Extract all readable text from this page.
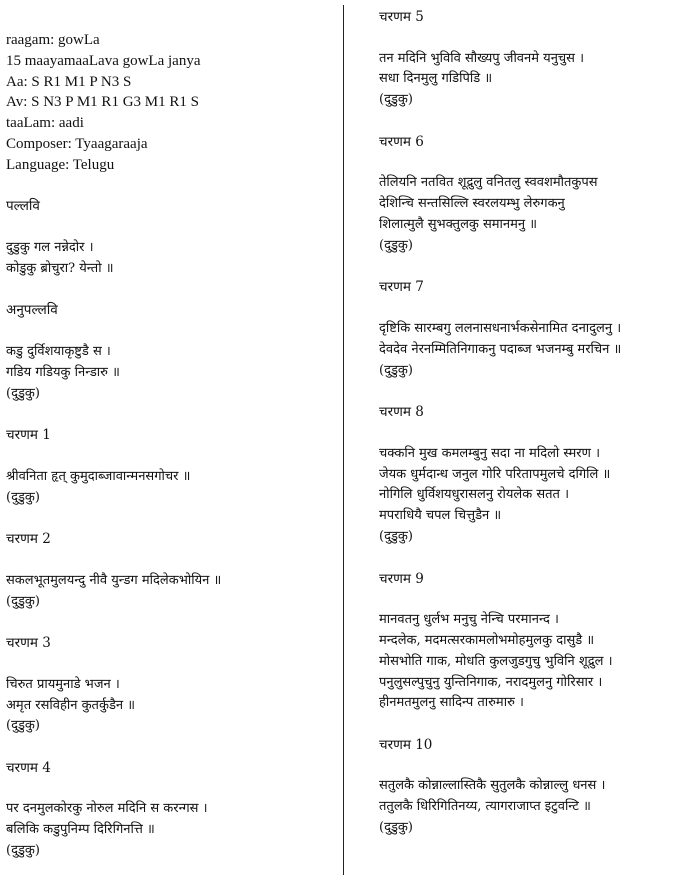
raagam: gowLa
15 maayamaaLava gowLa janya
Aa: S R1 M1 P N3 S
Av: S N3 P M1 R1 G3 M1 R1 S
taaLam: aadi
Composer: Tyaagaraaja
Language: Telugu
पल्लवि
दुडुकु गल नन्नेदोर ।
कोडुकु ब्रोचुरा? येन्तो ॥
अनुपल्लवि
कडु दुर्विशयाकृष्टुडै स ।
गडिय गडियकु निन्डारु ॥
(दुडुकु)
चरणम 1
श्रीवनिता हृत् कुमुदाब्जावान्मनसगोचर ॥
(दुडुकु)
चरणम 2
सकलभूतमुलयन्दु नीवै युन्डग मदिलेकभोयिन ॥
(दुडुकु)
चरणम 3
चिरुत प्रायमुनाडे भजन ।
अमृत रसविहीन कुतर्कुडैन ॥
(दुडुकु)
चरणम 4
पर दनमुलकोरकु नोरुल मदिनि स करन्गस ।
बलिकि कडुपुनिम्प दिरिगिनत्ति ॥
(दुडुकु)
चरणम 5
तन मदिनि भुविवि सौख्यपु जीवनमे यनुचुस ।
सधा दिनमुलु गडिपिडि ॥
(दुडुकु)
चरणम 6
तेलियनि नतवित शूद्रुलु वनितलु स्ववशमौतकुपस
देशिन्चि सन्तसिल्लि स्वरलयम्भु लेरुगकनु
शिलात्मुलै सुभक्तुलकु समानमनु ॥
(दुडुकु)
चरणम 7
दृष्टिकि सारम्बगु ललनासधनार्भकसेनामित दनादुलनु ।
देवदेव नेरनम्मितिनिगाकनु पदाब्ज भजनम्बु मरचिन ॥
(दुडुकु)
चरणम 8
चक्कनि मुख कमलम्बुनु सदा ना मदिलो स्मरण ।
जेयक धुर्मदान्ध जनुल गोरि परितापमुलचे दगिलि ॥
नोगिलि धुर्विशयधुरासलनु रोयलेक सतत ।
मपराधियै चपल चित्तुडैन ॥
(दुडुकु)
चरणम 9
मानवतनु धुर्लभ मनुचु नेन्चि परमानन्द ।
मन्दलेक, मदमत्सरकामलोभमोहमुलकु दासुडै ॥
मोसभोति गाक, मोधति कुलजुडगुचु भुविनि शूद्रुल ।
पनुलुसल्पुचुनु युन्तिनिगाक, नरादमुलनु गोरिसार ।
हीनमतमुलनु सादिन्प तारुमारु ।
चरणम 10
सतुलकै कोन्नाल्लास्तिकै सुतुलकै कोन्नाल्लु धनस ।
ततुलकै धिरिगितिनय्य, त्यागराजाप्त इटुवन्टि ॥
(दुडुकु)
